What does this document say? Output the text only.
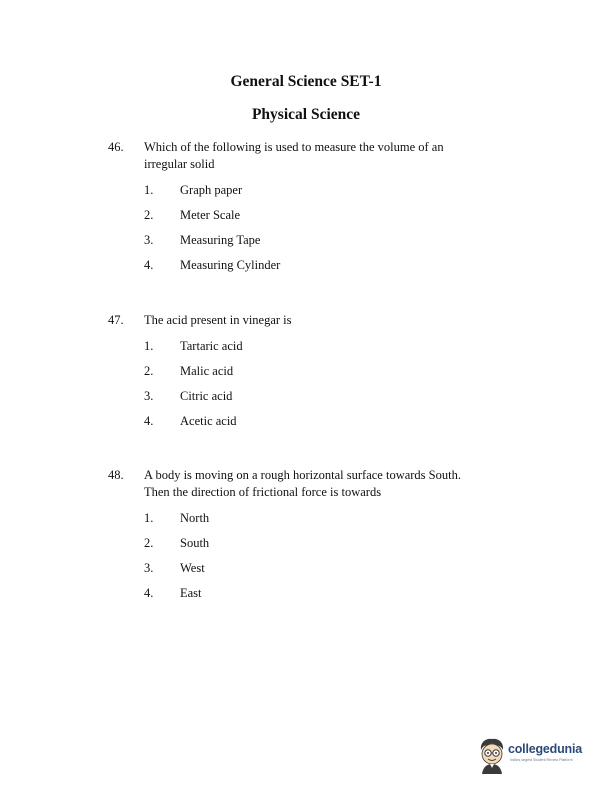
General Science SET-1
Physical Science
46. Which of the following is used to measure the volume of an irregular solid
1. Graph paper
2. Meter Scale
3. Measuring Tape
4. Measuring Cylinder
47. The acid present in vinegar is
1. Tartaric acid
2. Malic acid
3. Citric acid
4. Acetic acid
48. A body is moving on a rough horizontal surface towards South. Then the direction of frictional force is towards
1. North
2. South
3. West
4. East
collegedunia
India's largest Student Review Platform
